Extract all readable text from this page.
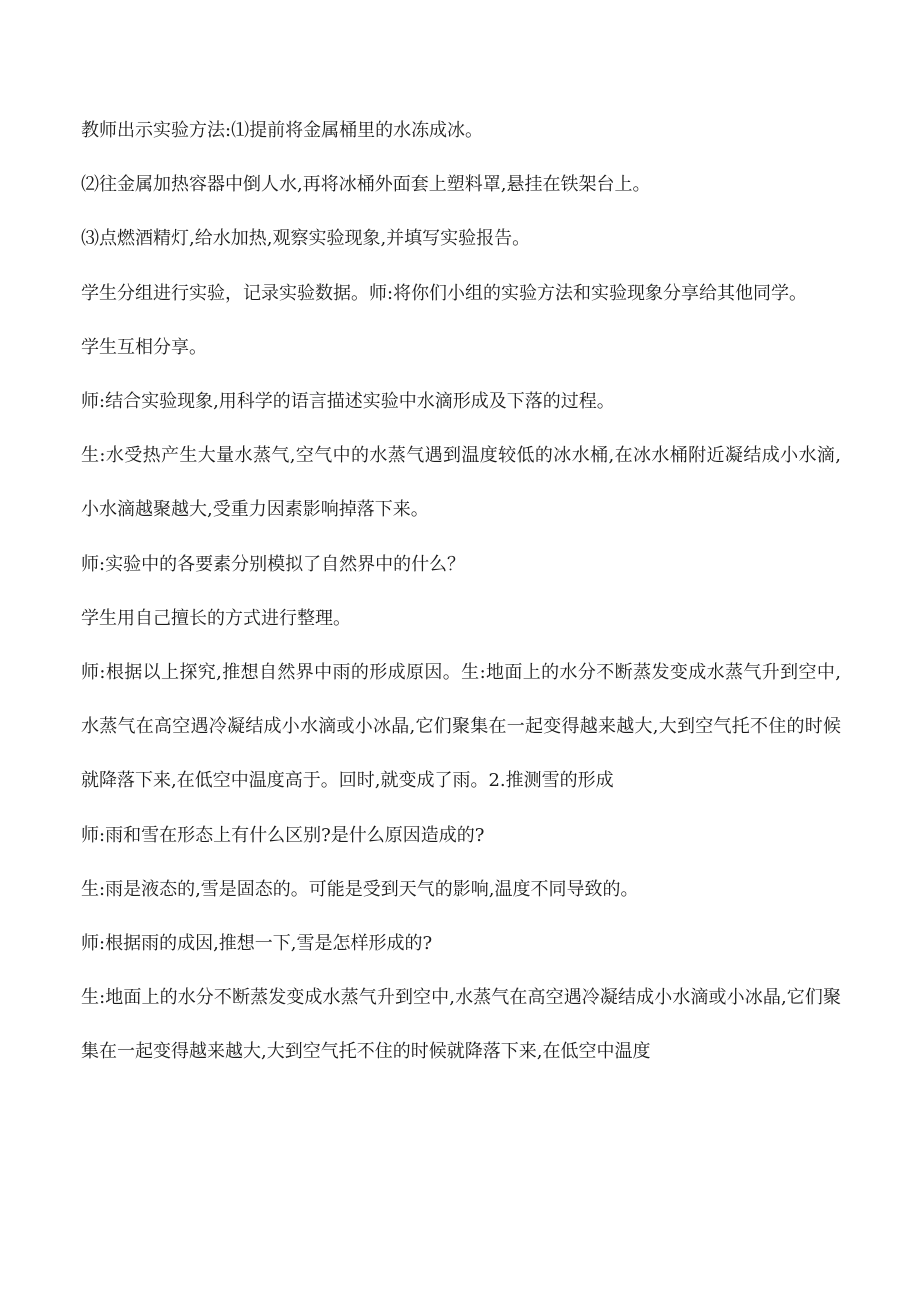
教师出示实验方法:⑴提前将金属桶里的水冻成冰。

⑵往金属加热容器中倒人水,再将冰桶外面套上塑料罩,悬挂在铁架台上。

⑶点燃酒精灯,给水加热,观察实验现象,并填写实验报告。

学生分组进行实验，记录实验数据。师:将你们小组的实验方法和实验现象分享给其他同学。

学生互相分享。

师:结合实验现象,用科学的语言描述实验中水滴形成及下落的过程。

生:水受热产生大量水蒸气,空气中的水蒸气遇到温度较低的冰水桶,在冰水桶附近凝结成小水滴,小水滴越聚越大,受重力因素影响掉落下来。

师:实验中的各要素分别模拟了自然界中的什么？

学生用自己擅长的方式进行整理。

师:根据以上探究,推想自然界中雨的形成原因。生:地面上的水分不断蒸发变成水蒸气升到空中,水蒸气在高空遇冷凝结成小水滴或小冰晶,它们聚集在一起变得越来越大,大到空气托不住的时候就降落下来,在低空中温度高于。回时,就变成了雨。2.推测雪的形成

师:雨和雪在形态上有什么区别?是什么原因造成的?

生:雨是液态的,雪是固态的。可能是受到天气的影响,温度不同导致的。

师:根据雨的成因,推想一下,雪是怎样形成的?

生:地面上的水分不断蒸发变成水蒸气升到空中,水蒸气在高空遇冷凝结成小水滴或小冰晶,它们聚集在一起变得越来越大,大到空气托不住的时候就降落下来,在低空中温度
